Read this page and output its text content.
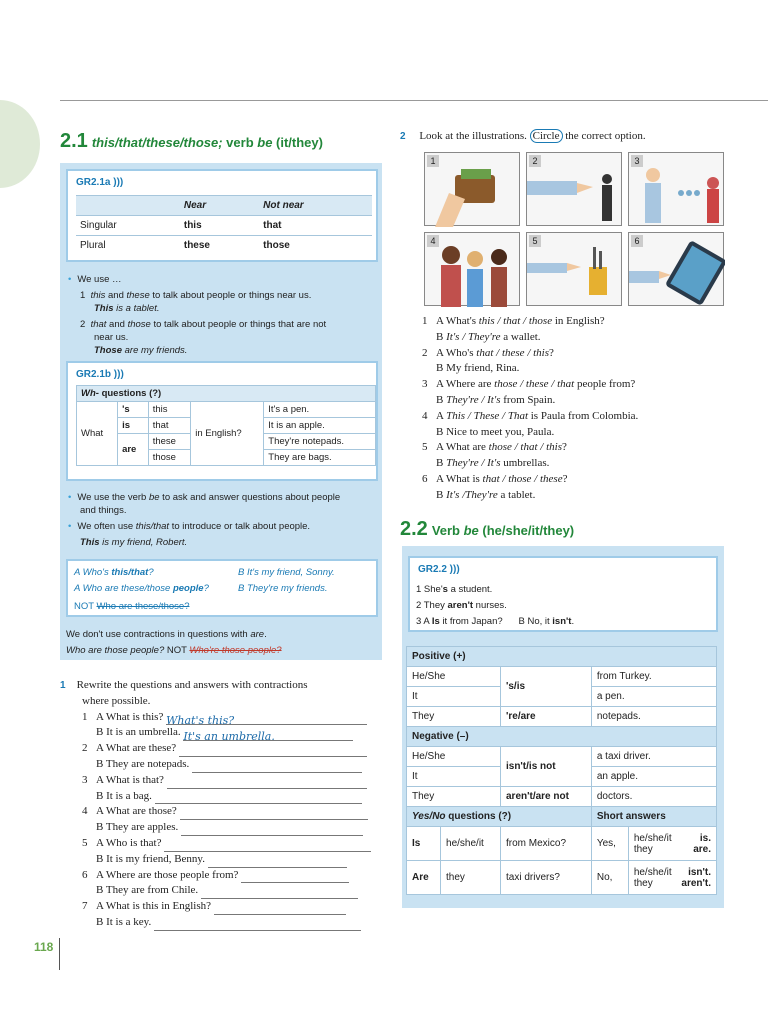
2.1 this/that/these/those; verb be (it/they)
GR2.1a )))
	Near	Not near
Singular	this	that
Plural	these	those
• We use …
1  this and these to talk about people or things near us.
This is a tablet.
2  that and those to talk about people or things that are not
near us.
Those are my friends.
GR2.1b )))
Wh- questions (?)				
What	's	this	in English?	It's a pen.
	is	that		It is an apple.
	are	these		They're notepads.
		those		They are bags.
• We use the verb be to ask and answer questions about people
and things.
• We often use this/that to introduce or talk about people.
This is my friend, Robert.
A Who's this/that?	B It's my friend, Sonny.
A Who are these/those people?	B They're my friends.
NOT Who are these/those?
We don't use contractions in questions with are.
Who are those people? NOT Who're those people?
1 Rewrite the questions and answers with contractions
where possible.
1 A What is this? What's this?
B It is an umbrella. It's an umbrella.
2 A What are these?
B They are notepads.
3 A What is that?
B It is a bag.
4 A What are those?
B They are apples.
5 A Who is that?
B It is my friend, Benny.
6 A Where are those people from?
B They are from Chile.
7 A What is this in English?
B It is a key.
2 Look at the illustrations. Circle the correct option.
1	2	3
4	5	6
1 A What's this / that / those in English?
B It's / They're a wallet.
2 A Who's that / these / this?
B My friend, Rina.
3 A Where are those / these / that people from?
B They're / It's from Spain.
4 A This / These / That is Paula from Colombia.
B Nice to meet you, Paula.
5 A What are those / that / this?
B They're / It's umbrellas.
6 A What is that / those / these?
B It's /They're a tablet.
2.2 Verb be (he/she/it/they)
GR2.2 )))
1 She's a student.
2 They aren't nurses.
3 A Is it from Japan? B No, it isn't.
Positive (+)				
He/She		's/is	from Turkey.	
It			a pen.	
They		're/are	notepads.	
Negative (–)				
He/She		isn't/is not	a taxi driver.	
It			an apple.	
They		aren't/are not	doctors.	
Yes/No questions (?)			Short answers	
Is	he/she/it	from Mexico?	Yes,	he/she/it is.
they are.

Are	they	taxi drivers?	No,	he/she/it isn't.
they aren't.
118
